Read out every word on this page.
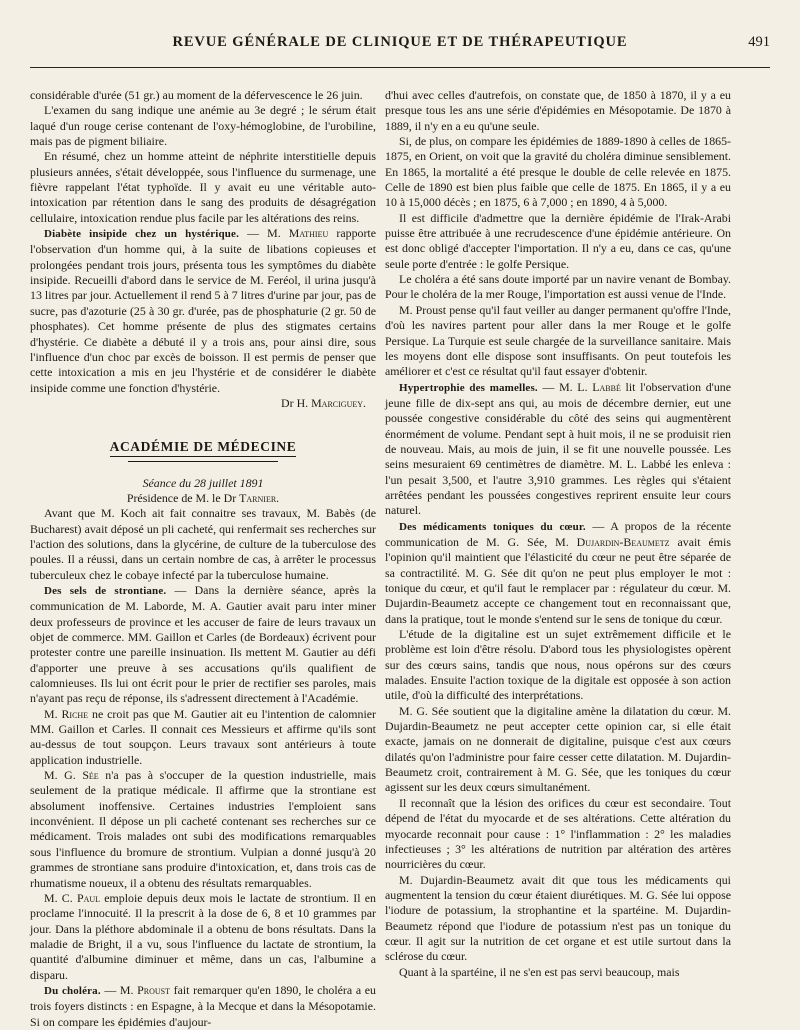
REVUE GÉNÉRALE DE CLINIQUE ET DE THÉRAPEUTIQUE	491

considérable d'urée (51 gr.) au moment de la défervescence le 26 juin.

L'examen du sang indique une anémie au 3e degré ; le sérum était laqué d'un rouge cerise contenant de l'oxy-hémoglobine, de l'urobiline, mais pas de pigment biliaire.

En résumé, chez un homme atteint de néphrite interstitielle depuis plusieurs années, s'était développée, sous l'influence du surmenage, une fièvre rappelant l'état typhoïde. Il y avait eu une véritable auto-intoxication par rétention dans le sang des produits de désagrégation cellulaire, intoxication rendue plus facile par les altérations des reins.

Diabète insipide chez un hystérique. — M. Mathieu rapporte l'observation d'un homme qui, à la suite de libations copieuses et prolongées pendant trois jours, présenta tous les symptômes du diabète insipide. Recueilli d'abord dans le service de M. Feréol, il urina jusqu'à 13 litres par jour. Actuellement il rend 5 à 7 litres d'urine par jour, pas de sucre, pas d'azoturie (25 à 30 gr. d'urée, pas de phosphaturie (2 gr. 50 de phosphates). Cet homme présente de plus des stigmates certains d'hystérie. Ce diabète a débuté il y a trois ans, pour ainsi dire, sous l'influence d'un choc par excès de boisson. Il est permis de penser que cette intoxication a mis en jeu l'hystérie et de considérer le diabète insipide comme une fonction d'hystérie.

Dr H. Marciguey.

ACADÉMIE DE MÉDECINE

Séance du 28 juillet 1891

Présidence de M. le Dr Tarnier.

Avant que M. Koch ait fait connaitre ses travaux, M. Babès (de Bucharest) avait déposé un pli cacheté, qui renfermait ses recherches sur l'action des solutions, dans la glycérine, de culture de la tuberculose des poules. Il a réussi, dans un certain nombre de cas, à arrêter le processus tuberculeux chez le cobaye infecté par la tuberculose humaine.

Des sels de strontiane. — Dans la dernière séance, après la communication de M. Laborde, M. A. Gautier avait paru inter miner deux professeurs de province et les accuser de faire de leurs travaux un objet de commerce. MM. Gaillon et Carles (de Bordeaux) écrivent pour protester contre une pareille insinuation. Ils mettent M. Gautier au défi d'apporter une preuve à ses accusations qu'ils qualifient de calomnieuses. Ils lui ont écrit pour le prier de rectifier ses paroles, mais n'ayant pas reçu de réponse, ils s'adressent directement à l'Académie.

M. Riche ne croit pas que M. Gautier ait eu l'intention de calomnier MM. Gaillon et Carles. Il connait ces Messieurs et affirme qu'ils sont au-dessus de tout soupçon. Leurs travaux sont antérieurs à toute application industrielle.

M. G. Sée n'a pas à s'occuper de la question industrielle, mais seulement de la pratique médicale. Il affirme que la strontiane est absolument inoffensive. Certaines industries l'emploient sans inconvénient. Il dépose un pli cacheté contenant ses recherches sur ce médicament. Trois malades ont subi des modifications remarquables sous l'influence du bromure de strontium. Vulpian a donné jusqu'à 20 grammes de strontiane sans produire d'intoxication, et, dans trois cas de rhumatisme noueux, il a obtenu des résultats remarquables.

M. C. Paul emploie depuis deux mois le lactate de strontium. Il en proclame l'innocuité. Il la prescrit à la dose de 6, 8 et 10 grammes par jour. Dans la pléthore abdominale il a obtenu de bons résultats. Dans la maladie de Bright, il a vu, sous l'influence du lactate de strontium, la quantité d'albumine diminuer et même, dans un cas, l'albumine a disparu.

Du choléra. — M. Proust fait remarquer qu'en 1890, le choléra a eu trois foyers distincts : en Espagne, à la Mecque et dans la Mésopotamie. Si on compare les épidémies d'aujour-

d'hui avec celles d'autrefois, on constate que, de 1850 à 1870, il y a eu presque tous les ans une série d'épidémies en Mésopotamie. De 1870 à 1889, il n'y en a eu qu'une seule.

Si, de plus, on compare les épidémies de 1889-1890 à celles de 1865-1875, en Orient, on voit que la gravité du choléra diminue sensiblement. En 1865, la mortalité a été presque le double de celle relevée en 1875. Celle de 1890 est bien plus faible que celle de 1875. En 1865, il y a eu 10 à 15,000 décès ; en 1875, 6 à 7,000 ; en 1890, 4 à 5,000.

Il est difficile d'admettre que la dernière épidémie de l'Irak-Arabi puisse être attribuée à une recrudescence d'une épidémie antérieure. On est donc obligé d'accepter l'importation. Il n'y a eu, dans ce cas, qu'une seule porte d'entrée : le golfe Persique.

Le choléra a été sans doute importé par un navire venant de Bombay. Pour le choléra de la mer Rouge, l'importation est aussi venue de l'Inde.

M. Proust pense qu'il faut veiller au danger permanent qu'offre l'Inde, d'où les navires partent pour aller dans la mer Rouge et le golfe Persique. La Turquie est seule chargée de la surveillance sanitaire. Mais les moyens dont elle dispose sont insuffisants. On peut toutefois les améliorer et c'est ce résultat qu'il faut essayer d'obtenir.

Hypertrophie des mamelles. — M. L. Labbé lit l'observation d'une jeune fille de dix-sept ans qui, au mois de décembre dernier, eut une poussée congestive considérable du côté des seins qui augmentèrent énormément de volume. Pendant sept à huit mois, il ne se produisit rien de nouveau. Mais, au mois de juin, il se fit une nouvelle poussée. Les seins mesuraient 69 centimètres de diamètre. M. L. Labbé les enleva : l'un pesait 3,500, et l'autre 3,910 grammes. Les règles qui s'étaient arrêtées pendant les poussées congestives reprirent ensuite leur cours naturel.

Des médicaments toniques du cœur. — A propos de la récente communication de M. G. Sée, M. Dujardin-Beaumetz avait émis l'opinion qu'il maintient que l'élasticité du cœur ne peut être séparée de sa contractilité. M. G. Sée dit qu'on ne peut plus employer le mot : tonique du cœur, et qu'il faut le remplacer par : régulateur du cœur. M. Dujardin-Beaumetz accepte ce changement tout en reconnaissant que, dans la pratique, tout le monde s'entend sur le sens de tonique du cœur.

L'étude de la digitaline est un sujet extrêmement difficile et le problème est loin d'être résolu. D'abord tous les physiologistes opèrent sur des cœurs sains, tandis que nous, nous opérons sur des cœurs malades. Ensuite l'action toxique de la digitale est opposée à son action utile, d'où la difficulté des interprétations.

M. G. Sée soutient que la digitaline amène la dilatation du cœur. M. Dujardin-Beaumetz ne peut accepter cette opinion car, si elle était exacte, jamais on ne donnerait de digitaline, puisque c'est aux cœurs dilatés qu'on l'administre pour faire cesser cette dilatation. M. Dujardin-Beaumetz croit, contrairement à M. G. Sée, que les toniques du cœur agissent sur les deux cœurs simultanément.

Il reconnaît que la lésion des orifices du cœur est secondaire. Tout dépend de l'état du myocarde et de ses altérations. Cette altération du myocarde reconnait pour cause : 1° l'inflammation : 2° les maladies infectieuses ; 3° les altérations de nutrition par altération des artères nourricières du cœur.

M. Dujardin-Beaumetz avait dit que tous les médicaments qui augmentent la tension du cœur étaient diurétiques. M. G. Sée lui oppose l'iodure de potassium, la strophantine et la spartéine. M. Dujardin-Beaumetz répond que l'iodure de potassium n'est pas un tonique du cœur. Il agit sur la nutrition de cet organe et est utile surtout dans la sclérose du cœur.

Quant à la spartéine, il ne s'en est pas servi beaucoup, mais
